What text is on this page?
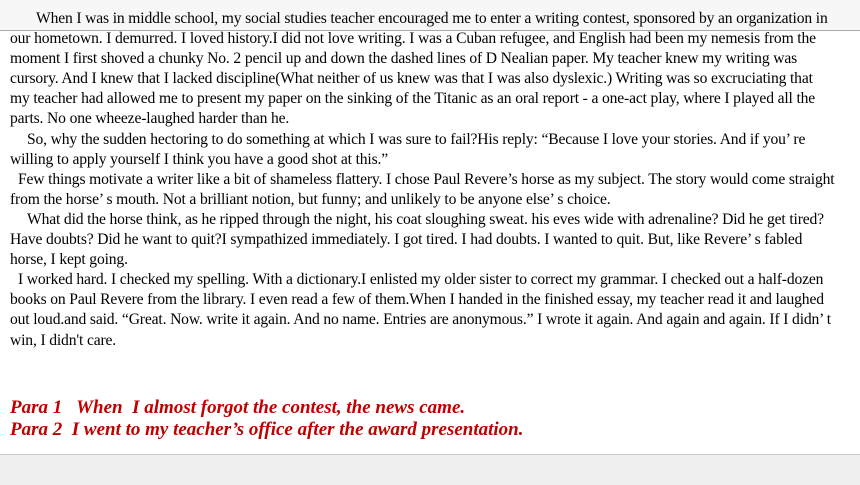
When I was in middle school, my social studies teacher encouraged me to enter a writing contest, sponsored by an organization in our hometown. I demurred. I loved history.I did not love writing. I was a Cuban refugee, and English had been my nemesis from the moment I first shoved a chunky No. 2 pencil up and down the dashed lines of D Nealian paper. My teacher knew my writing was cursory. And I knew that I lacked discipline(What neither of us knew was that I was also dyslexic.) Writing was so excruciating that my teacher had allowed me to present my paper on the sinking of the Titanic as an oral report - a one-act play, where I played all the parts. No one wheeze-laughed harder than he.

So, why the sudden hectoring to do something at which I was sure to fail?His reply: “Because I love your stories. And if you’ re willing to apply yourself I think you have a good shot at this.”

Few things motivate a writer like a bit of shameless flattery. I chose Paul Revere’s horse as my subject. The story would come straight from the horse’ s mouth. Not a brilliant notion, but funny; and unlikely to be anyone else’ s choice.

What did the horse think, as he ripped through the night, his coat sloughing sweat. his eves wide with adrenaline? Did he get tired? Have doubts? Did he want to quit?I sympathized immediately. I got tired. I had doubts. I wanted to quit. But, like Revere’ s fabled horse, I kept going.

I worked hard. I checked my spelling. With a dictionary.I enlisted my older sister to correct my grammar. I checked out a half-dozen books on Paul Revere from the library. I even read a few of them.When I handed in the finished essay, my teacher read it and laughed out loud.and said. “Great. Now. write it again. And no name. Entries are anonymous.” I wrote it again. And again and again. If I didn’ t win, I didn't care.

Para 1   When  I almost forgot the contest, the news came.
Para 2  I went to my teacher’s office after the award presentation.
